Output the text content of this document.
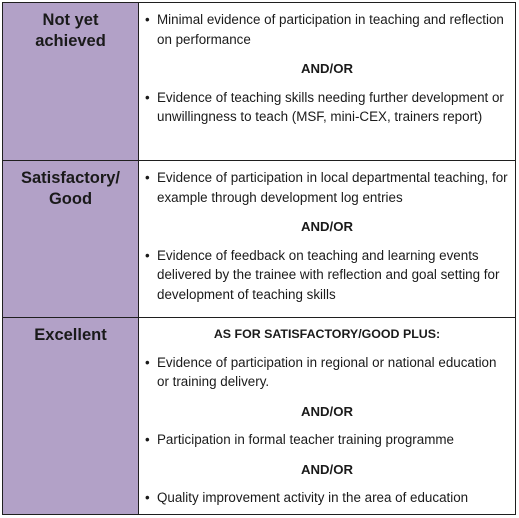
Not yet
achieved

• Minimal evidence of participation in teaching and reflection on performance

AND/OR

• Evidence of teaching skills needing further development or unwillingness to teach (MSF, mini-CEX, trainers report)

Satisfactory/
Good

• Evidence of participation in local departmental teaching, for example through development log entries

AND/OR

• Evidence of feedback on teaching and learning events delivered by the trainee with reflection and goal setting for development of teaching skills

Excellent	AS FOR SATISFACTORY/GOOD PLUS:

• Evidence of participation in regional or national education or training delivery.

AND/OR

• Participation in formal teacher training programme

AND/OR

• Quality improvement activity in the area of education
